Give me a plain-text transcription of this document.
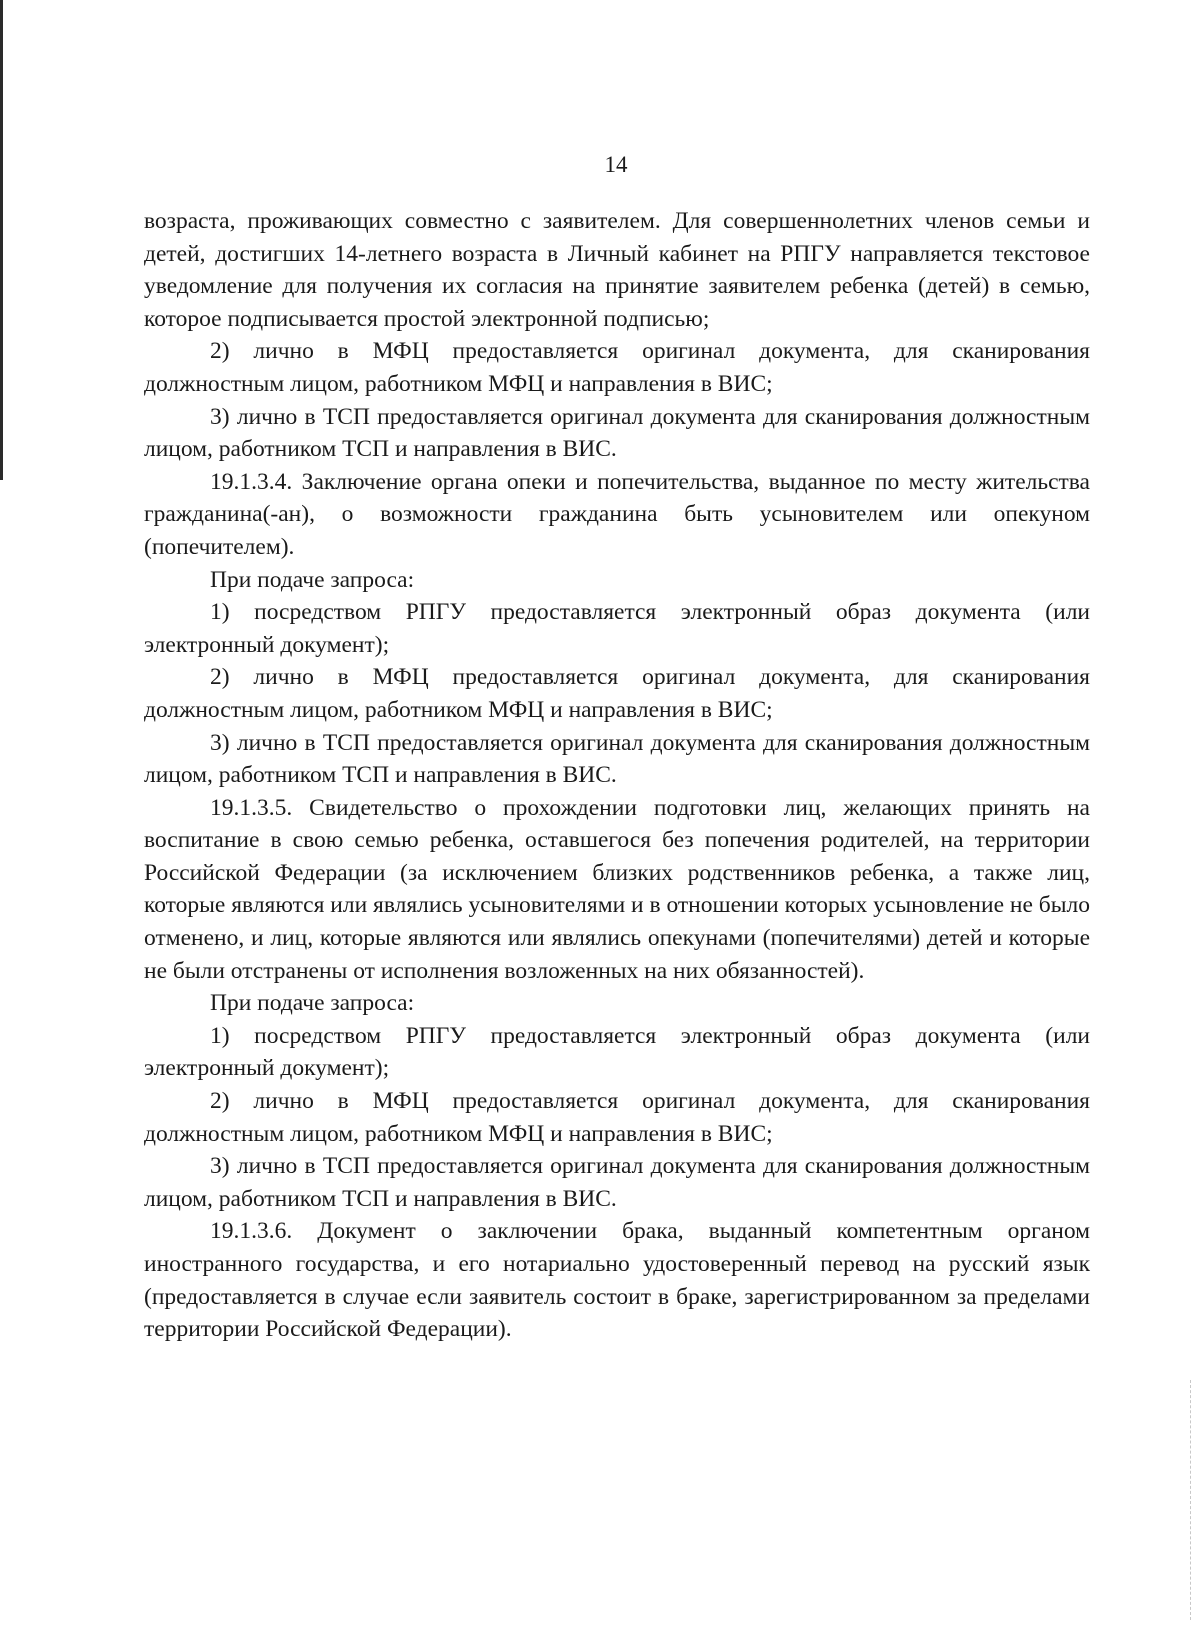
14

возраста, проживающих совместно с заявителем. Для совершеннолетних членов семьи и детей, достигших 14-летнего возраста в Личный кабинет на РПГУ направляется текстовое уведомление для получения их согласия на принятие заявителем ребенка (детей) в семью, которое подписывается простой электронной подписью;

2) лично в МФЦ предоставляется оригинал документа, для сканирования должностным лицом, работником МФЦ и направления в ВИС;

3) лично в ТСП предоставляется оригинал документа для сканирования должностным лицом, работником ТСП и направления в ВИС.

19.1.3.4. Заключение органа опеки и попечительства, выданное по месту жительства гражданина(-ан), о возможности гражданина быть усыновителем или опекуном (попечителем).

При подаче запроса:

1) посредством РПГУ предоставляется электронный образ документа (или электронный документ);

2) лично в МФЦ предоставляется оригинал документа, для сканирования должностным лицом, работником МФЦ и направления в ВИС;

3) лично в ТСП предоставляется оригинал документа для сканирования должностным лицом, работником ТСП и направления в ВИС.

19.1.3.5. Свидетельство о прохождении подготовки лиц, желающих принять на воспитание в свою семью ребенка, оставшегося без попечения родителей, на территории Российской Федерации (за исключением близких родственников ребенка, а также лиц, которые являются или являлись усыновителями и в отношении которых усыновление не было отменено, и лиц, которые являются или являлись опекунами (попечителями) детей и которые не были отстранены от исполнения возложенных на них обязанностей).

При подаче запроса:

1) посредством РПГУ предоставляется электронный образ документа (или электронный документ);

2) лично в МФЦ предоставляется оригинал документа, для сканирования должностным лицом, работником МФЦ и направления в ВИС;

3) лично в ТСП предоставляется оригинал документа для сканирования должностным лицом, работником ТСП и направления в ВИС.

19.1.3.6. Документ о заключении брака, выданный компетентным органом иностранного государства, и его нотариально удостоверенный перевод на русский язык (предоставляется в случае если заявитель состоит в браке, зарегистрированном за пределами территории Российской Федерации).
